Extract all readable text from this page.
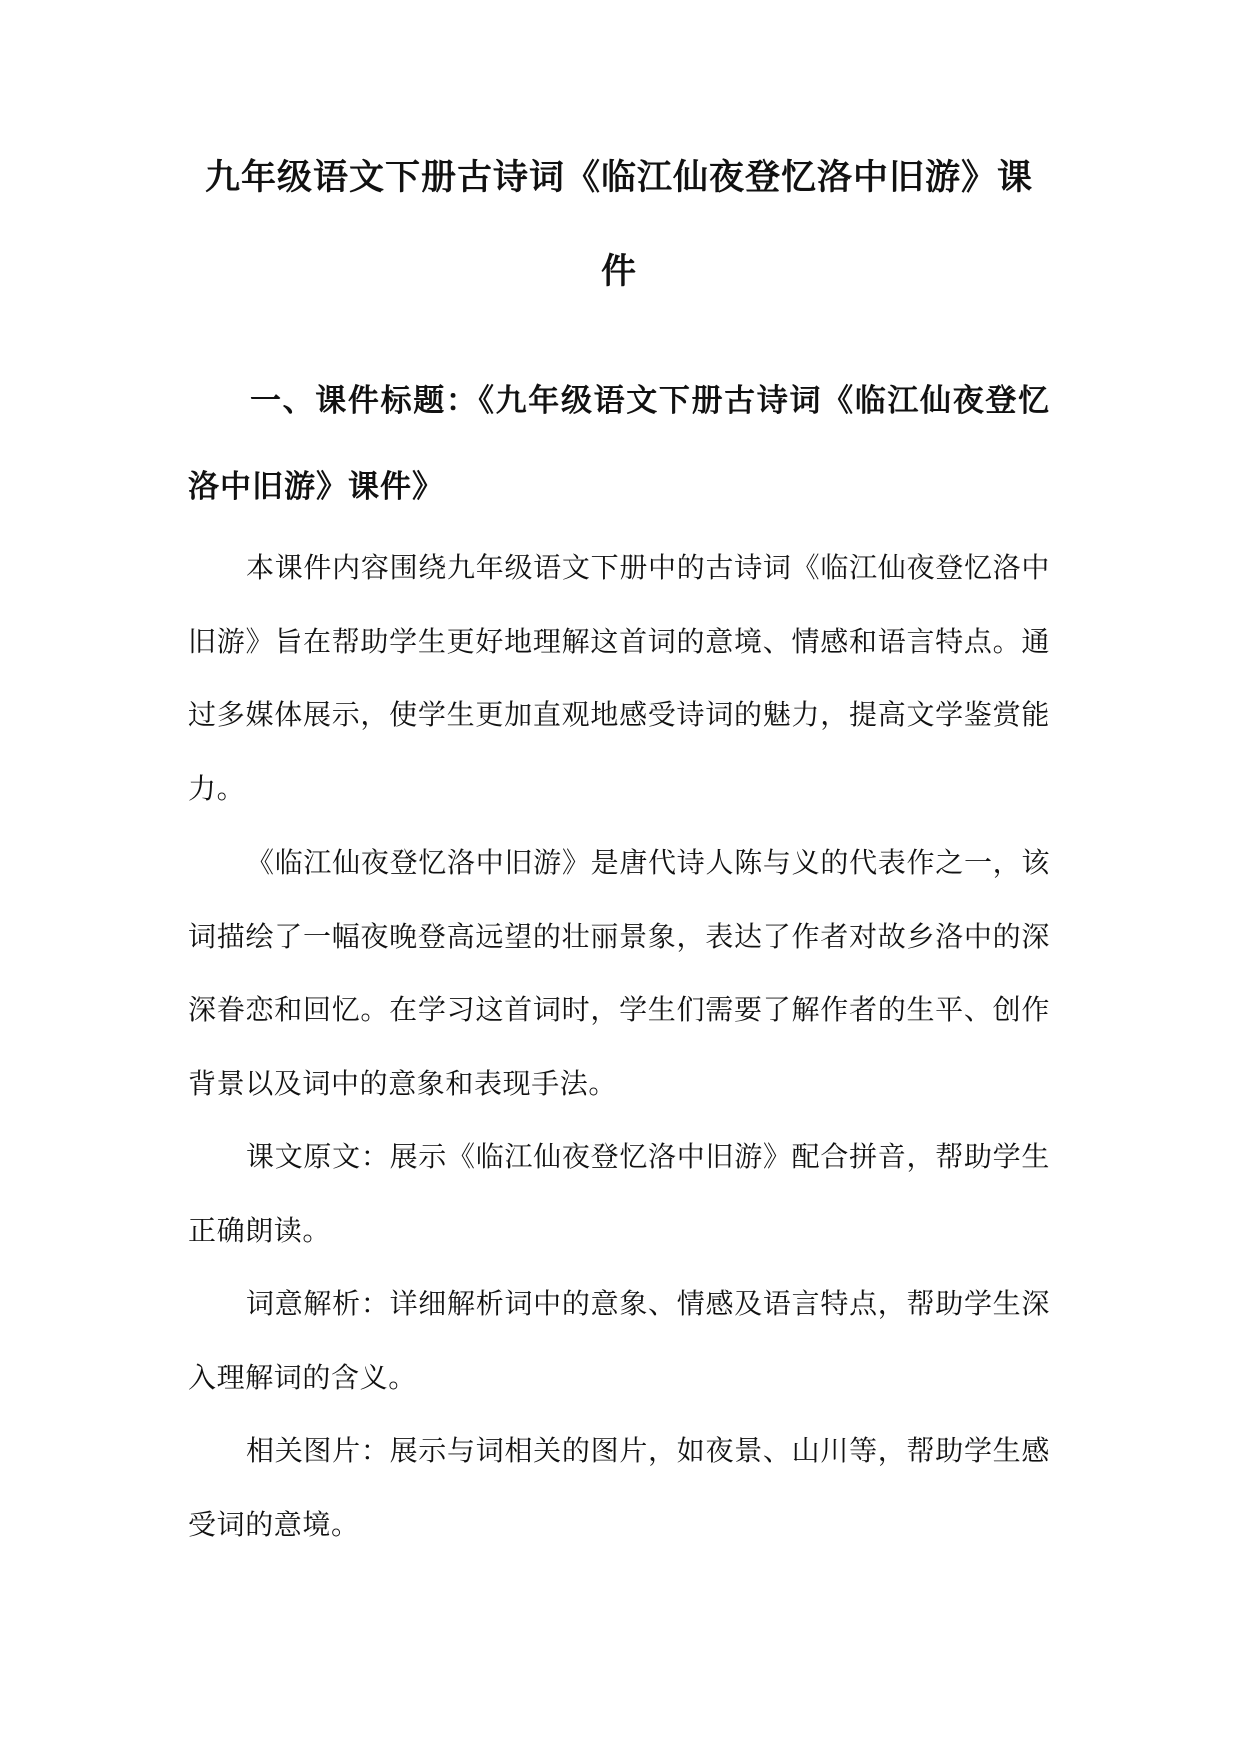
九年级语文下册古诗词《临江仙夜登忆洛中旧游》课件
一、课件标题：《九年级语文下册古诗词《临江仙夜登忆洛中旧游》课件》

本课件内容围绕九年级语文下册中的古诗词《临江仙夜登忆洛中旧游》旨在帮助学生更好地理解这首词的意境、情感和语言特点。通过多媒体展示，使学生更加直观地感受诗词的魅力，提高文学鉴赏能力。

《临江仙夜登忆洛中旧游》是唐代诗人陈与义的代表作之一，该词描绘了一幅夜晚登高远望的壮丽景象，表达了作者对故乡洛中的深深眷恋和回忆。在学习这首词时，学生们需要了解作者的生平、创作背景以及词中的意象和表现手法。

课文原文：展示《临江仙夜登忆洛中旧游》配合拼音，帮助学生正确朗读。

词意解析：详细解析词中的意象、情感及语言特点，帮助学生深入理解词的含义。

相关图片：展示与词相关的图片，如夜景、山川等，帮助学生感受词的意境。
